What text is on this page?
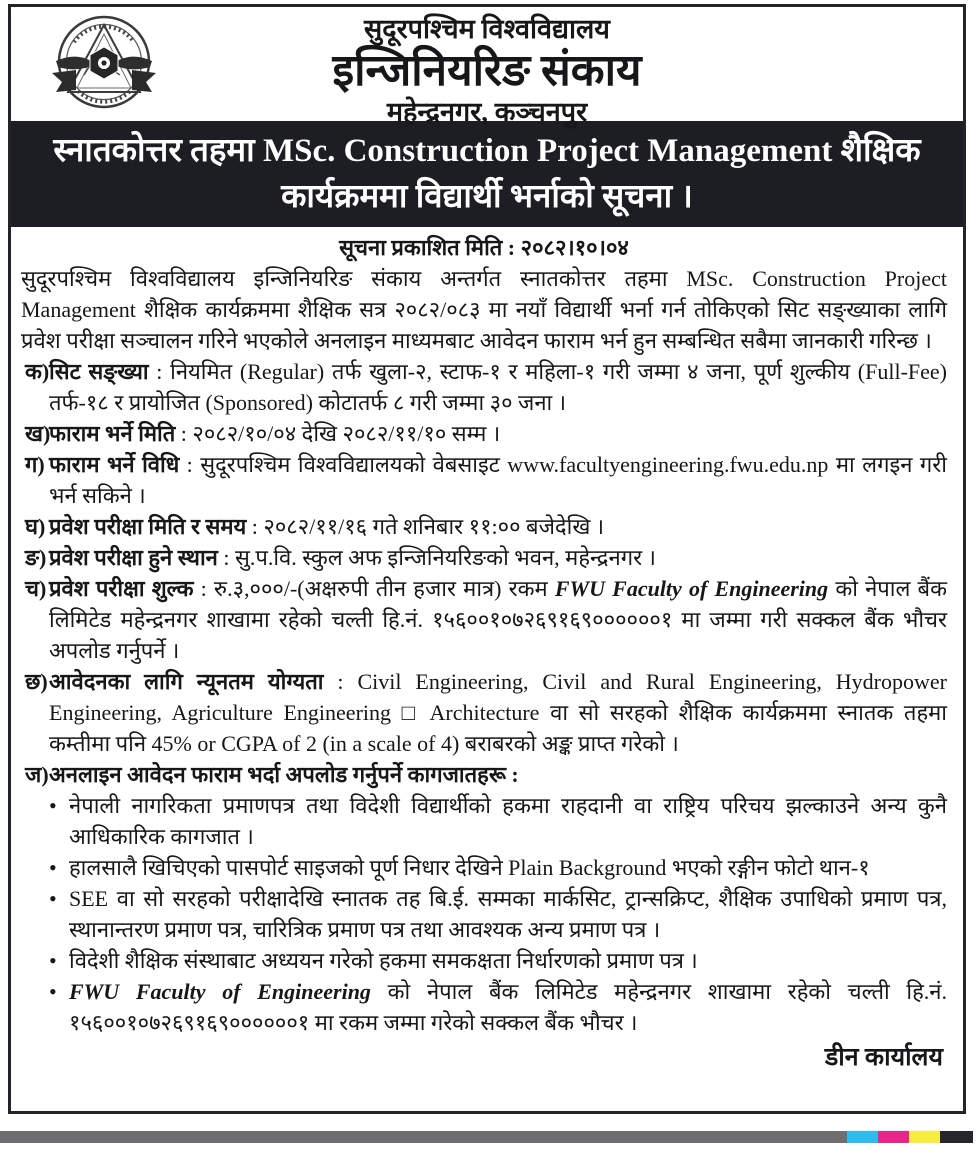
सुदूरपश्चिम विश्वविद्यालय
इन्जिनियरिङ संकाय
महेन्द्रनगर, कञ्चनपुर
स्नातकोत्तर तहमा MSc. Construction Project Management शैक्षिक
कार्यक्रममा विद्यार्थी भर्नाको सूचना ।
सूचना प्रकाशित मिति : २०८२।१०।०४

सुदूरपश्चिम विश्वविद्यालय इन्जिनियरिङ संकाय अन्तर्गत स्नातकोत्तर तहमा MSc. Construction Project Management शैक्षिक कार्यक्रममा शैक्षिक सत्र २०८२/०८३ मा नयाँ विद्यार्थी भर्ना गर्न तोकिएको सिट सङ्ख्याका लागि प्रवेश परीक्षा सञ्चालन गरिने भएकोले अनलाइन माध्यमबाट आवेदन फाराम भर्न हुन सम्बन्धित सबैमा जानकारी गरिन्छ ।

क) सिट सङ्ख्या : नियमित (Regular) तर्फ खुला-२, स्टाफ-१ र महिला-१ गरी जम्मा ४ जना, पूर्ण शुल्कीय (Full-Fee) तर्फ-१८ र प्रायोजित (Sponsored) कोटातर्फ ८ गरी जम्मा ३० जना ।
ख)
फाराम भर्ने मिति : २०८२/१०/०४ देखि २०८२/११/१० सम्म ।
ग) फाराम भर्ने विधि : सुदूरपश्चिम विश्वविद्यालयको वेबसाइट www.facultyengineering.fwu.edu.np मा लगइन गरी भर्न सकिने ।
घ) प्रवेश परीक्षा मिति र समय : २०८२/११/१६ गते शनिबार ११:०० बजेदेखि ।
ङ) प्रवेश परीक्षा हुने स्थान : सु.प.वि. स्कुल अफ इन्जिनियरिङको भवन, महेन्द्रनगर ।
च) प्रवेश परीक्षा शुल्क : रु.३,०००/-(अक्षरुपी तीन हजार मात्र) रकम FWU Faculty of Engineering को नेपाल बैंक लिमिटेड महेन्द्रनगर शाखामा रहेको चल्ती हि.नं. १५६००१०७२६९१६९००००००१ मा जम्मा गरी सक्कल बैंक भौचर अपलोड गर्नुपर्ने ।
छ) आवेदनका लागि न्यूनतम योग्यता : Civil Engineering, Civil and Rural Engineering, Hydropower Engineering, Agriculture Engineering □ Architecture वा सो सरहको शैक्षिक कार्यक्रममा स्नातक तहमा कम्तीमा पनि 45% or CGPA of 2 (in a scale of 4) बराबरको अङ्क प्राप्त गरेको ।
ज) अनलाइन आवेदन फाराम भर्दा अपलोड गर्नुपर्ने कागजातहरू :
• नेपाली नागरिकता प्रमाणपत्र तथा विदेशी विद्यार्थीको हकमा राहदानी वा राष्ट्रिय परिचय झल्काउने अन्य कुनै आधिकारिक कागजात ।
• हालसालै खिचिएको पासपोर्ट साइजको पूर्ण निधार देखिने Plain Background भएको रङ्गीन फोटो थान-१
• SEE वा सो सरहको परीक्षादेखि स्नातक तह बि.ई. सम्मका मार्कसिट, ट्रान्सक्रिप्ट, शैक्षिक उपाधिको प्रमाण पत्र, स्थानान्तरण प्रमाण पत्र, चारित्रिक प्रमाण पत्र तथा आवश्यक अन्य प्रमाण पत्र ।
• विदेशी शैक्षिक संस्थाबाट अध्ययन गरेको हकमा समकक्षता निर्धारणको प्रमाण पत्र ।
• FWU Faculty of Engineering को नेपाल बैंक लिमिटेड महेन्द्रनगर शाखामा रहेको चल्ती हि.नं. १५६००१०७२६९१६९००००००१ मा रकम जम्मा गरेको सक्कल बैंक भौचर ।
डीन कार्यालय
